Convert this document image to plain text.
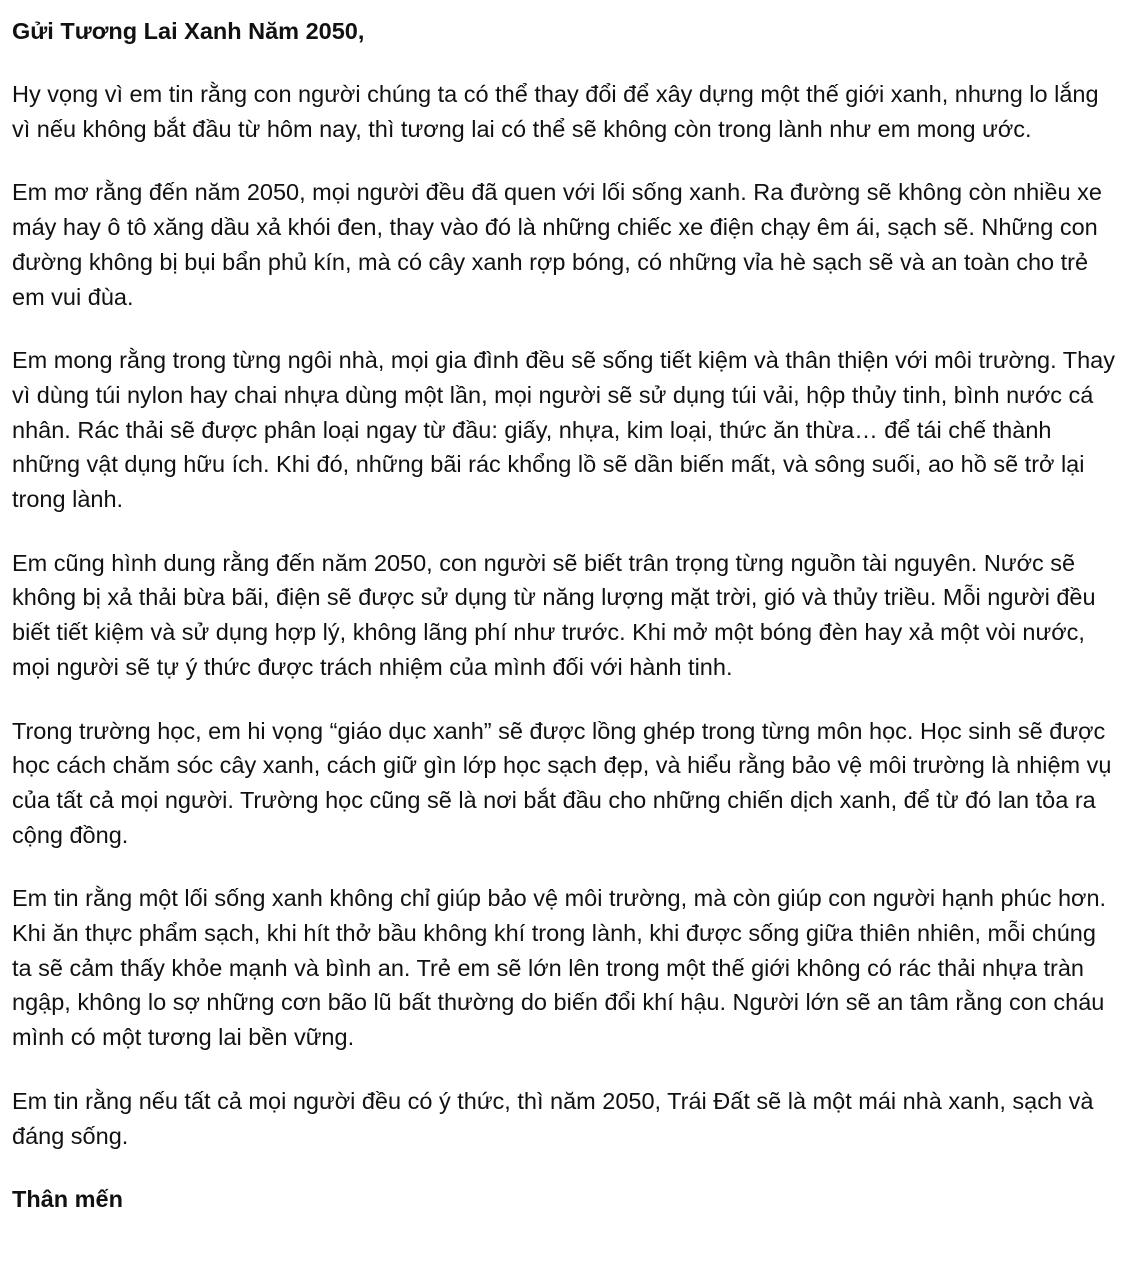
Gửi Tương Lai Xanh Năm 2050,

Hy vọng vì em tin rằng con người chúng ta có thể thay đổi để xây dựng một thế giới xanh, nhưng lo lắng vì nếu không bắt đầu từ hôm nay, thì tương lai có thể sẽ không còn trong lành như em mong ước.

Em mơ rằng đến năm 2050, mọi người đều đã quen với lối sống xanh. Ra đường sẽ không còn nhiều xe máy hay ô tô xăng dầu xả khói đen, thay vào đó là những chiếc xe điện chạy êm ái, sạch sẽ. Những con đường không bị bụi bẩn phủ kín, mà có cây xanh rợp bóng, có những vỉa hè sạch sẽ và an toàn cho trẻ em vui đùa.

Em mong rằng trong từng ngôi nhà, mọi gia đình đều sẽ sống tiết kiệm và thân thiện với môi trường. Thay vì dùng túi nylon hay chai nhựa dùng một lần, mọi người sẽ sử dụng túi vải, hộp thủy tinh, bình nước cá nhân. Rác thải sẽ được phân loại ngay từ đầu: giấy, nhựa, kim loại, thức ăn thừa… để tái chế thành những vật dụng hữu ích. Khi đó, những bãi rác khổng lồ sẽ dần biến mất, và sông suối, ao hồ sẽ trở lại trong lành.

Em cũng hình dung rằng đến năm 2050, con người sẽ biết trân trọng từng nguồn tài nguyên. Nước sẽ không bị xả thải bừa bãi, điện sẽ được sử dụng từ năng lượng mặt trời, gió và thủy triều. Mỗi người đều biết tiết kiệm và sử dụng hợp lý, không lãng phí như trước. Khi mở một bóng đèn hay xả một vòi nước, mọi người sẽ tự ý thức được trách nhiệm của mình đối với hành tinh.

Trong trường học, em hi vọng “giáo dục xanh” sẽ được lồng ghép trong từng môn học. Học sinh sẽ được học cách chăm sóc cây xanh, cách giữ gìn lớp học sạch đẹp, và hiểu rằng bảo vệ môi trường là nhiệm vụ của tất cả mọi người. Trường học cũng sẽ là nơi bắt đầu cho những chiến dịch xanh, để từ đó lan tỏa ra cộng đồng.

Em tin rằng một lối sống xanh không chỉ giúp bảo vệ môi trường, mà còn giúp con người hạnh phúc hơn. Khi ăn thực phẩm sạch, khi hít thở bầu không khí trong lành, khi được sống giữa thiên nhiên, mỗi chúng ta sẽ cảm thấy khỏe mạnh và bình an. Trẻ em sẽ lớn lên trong một thế giới không có rác thải nhựa tràn ngập, không lo sợ những cơn bão lũ bất thường do biến đổi khí hậu. Người lớn sẽ an tâm rằng con cháu mình có một tương lai bền vững.

Em tin rằng nếu tất cả mọi người đều có ý thức, thì năm 2050, Trái Đất sẽ là một mái nhà xanh, sạch và đáng sống.

Thân mến
